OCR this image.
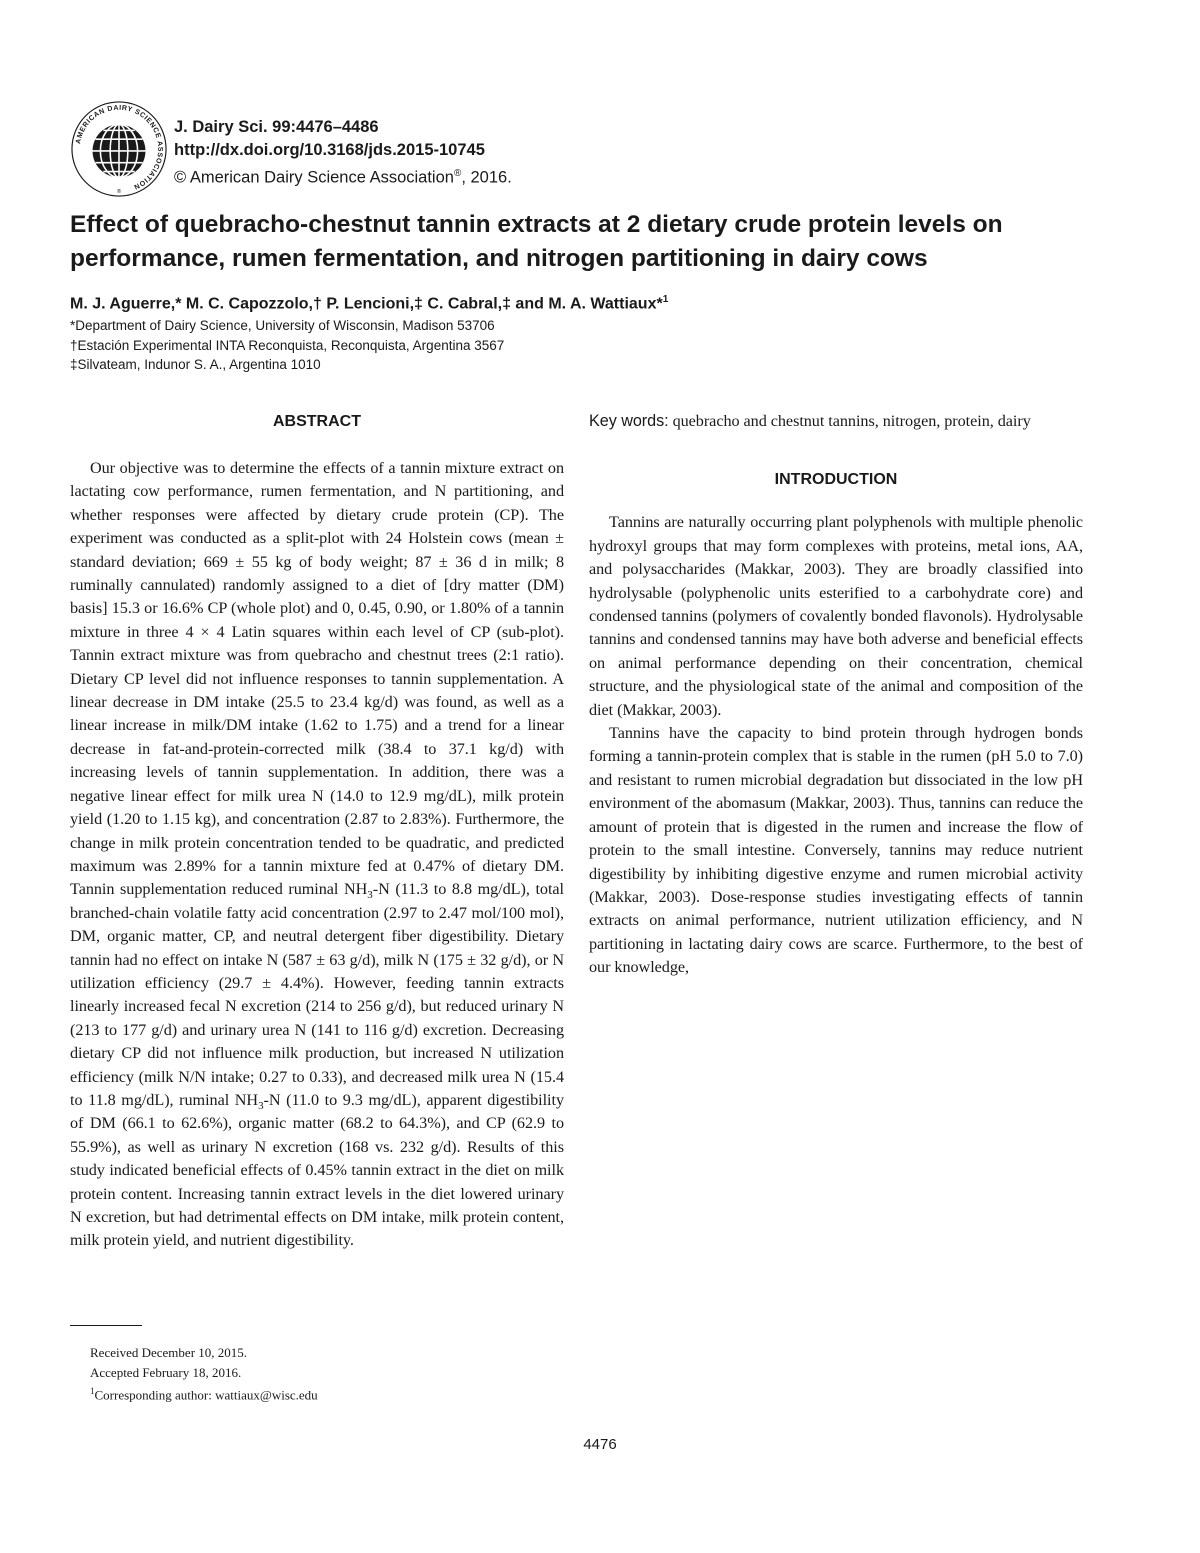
AMERICAN DAIRY SCIENCE ASSOCIATION
®
J. Dairy Sci. 99:4476–4486
http://dx.doi.org/10.3168/jds.2015-10745
© American Dairy Science Association®, 2016.
Effect of quebracho-chestnut tannin extracts at 2 dietary crude protein levels on performance, rumen fermentation, and nitrogen partitioning in dairy cows
M. J. Aguerre,* M. C. Capozzolo,† P. Lencioni,‡ C. Cabral,‡ and M. A. Wattiaux*$^1$
*Department of Dairy Science, University of Wisconsin, Madison 53706
†Estación Experimental INTA Reconquista, Reconquista, Argentina 3567
‡Silvateam, Indunor S. A., Argentina 1010
ABSTRACT

Our objective was to determine the effects of a tannin mixture extract on lactating cow performance, rumen fermentation, and N partitioning, and whether responses were affected by dietary crude protein (CP). The experiment was conducted as a split-plot with 24 Holstein cows (mean ± standard deviation; 669 ± 55 kg of body weight; 87 ± 36 d in milk; 8 ruminally cannulated) randomly assigned to a diet of [dry matter (DM) basis] 15.3 or 16.6% CP (whole plot) and 0, 0.45, 0.90, or 1.80% of a tannin mixture in three 4 × 4 Latin squares within each level of CP (sub-plot). Tannin extract mixture was from quebracho and chestnut trees (2:1 ratio). Dietary CP level did not influence responses to tannin supplementation. A linear decrease in DM intake (25.5 to 23.4 kg/d) was found, as well as a linear increase in milk/DM intake (1.62 to 1.75) and a trend for a linear decrease in fat-and-protein-corrected milk (38.4 to 37.1 kg/d) with increasing levels of tannin supplementation. In addition, there was a negative linear effect for milk urea N (14.0 to 12.9 mg/dL), milk protein yield (1.20 to 1.15 kg), and concentration (2.87 to 2.83%). Furthermore, the change in milk protein concentration tended to be quadratic, and predicted maximum was 2.89% for a tannin mixture fed at 0.47% of dietary DM. Tannin supplementation reduced ruminal $NH_3-N$ (11.3 to 8.8 mg/dL), total branched-chain volatile fatty acid concentration (2.97 to 2.47 mol/100 mol), DM, organic matter, CP, and neutral detergent fiber digestibility. Dietary tannin had no effect on intake N (587 ± 63 g/d), milk N (175 ± 32 g/d), or N utilization efficiency (29.7 ± 4.4%). However, feeding tannin extracts linearly increased fecal N excretion (214 to 256 g/d), but reduced urinary N (213 to 177 g/d) and urinary urea N (141 to 116 g/d) excretion. Decreasing dietary CP did not influence milk production, but increased N utilization efficiency (milk N/N intake; 0.27 to 0.33), and decreased milk urea N (15.4 to 11.8 mg/dL), ruminal $NH_3-N$ (11.0 to 9.3 mg/dL), apparent digestibility of DM (66.1 to 62.6%), organic matter (68.2 to 64.3%), and CP (62.9 to 55.9%), as well as urinary N excretion (168 vs. 232 g/d). Results of this study indicated beneficial effects of 0.45% tannin extract in the diet on milk protein content. Increasing tannin extract levels in the diet lowered urinary N excretion, but had detrimental effects on DM intake, milk protein content, milk protein yield, and nutrient digestibility.

Key words: quebracho and chestnut tannins, nitrogen, protein, dairy

INTRODUCTION

Tannins are naturally occurring plant polyphenols with multiple phenolic hydroxyl groups that may form complexes with proteins, metal ions, AA, and polysaccharides (Makkar, 2003). They are broadly classified into hydrolysable (polyphenolic units esterified to a carbohydrate core) and condensed tannins (polymers of covalently bonded flavonols). Hydrolysable tannins and condensed tannins may have both adverse and beneficial effects on animal performance depending on their concentration, chemical structure, and the physiological state of the animal and composition of the diet (Makkar, 2003).

Tannins have the capacity to bind protein through hydrogen bonds forming a tannin-protein complex that is stable in the rumen (pH 5.0 to 7.0) and resistant to rumen microbial degradation but dissociated in the low pH environment of the abomasum (Makkar, 2003). Thus, tannins can reduce the amount of protein that is digested in the rumen and increase the flow of protein to the small intestine. Conversely, tannins may reduce nutrient digestibility by inhibiting digestive enzyme and rumen microbial activity (Makkar, 2003). Dose-response studies investigating effects of tannin extracts on animal performance, nutrient utilization efficiency, and N partitioning in lactating dairy cows are scarce. Furthermore, to the best of our knowledge,

Received December 10, 2015.
Accepted February 18, 2016.
$^1$Corresponding author: wattiaux@wisc.edu
4476
